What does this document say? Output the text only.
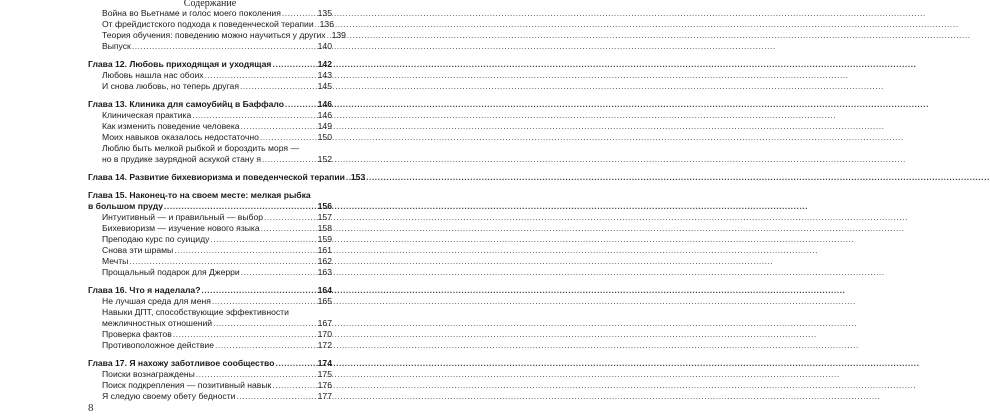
Содержание
Война во Вьетнаме и голос моего поколения .....	135
От фрейдистского подхода к поведенческой терапии ..... 136
Теория обучения: поведению можно научиться у других ..... 139
Выпуск .....	140
Глава 12. Любовь приходящая и уходящая .....	142
Любовь нашла нас обоих .....	143
И снова любовь, но теперь другая .....	145
Глава 13. Клиника для самоубийц в Баффало .....	146
Клиническая практика .....	146
Как изменить поведение человека .....	149
Моих навыков оказалось недостаточно .....	150
Люблю быть мелкой рыбкой и бороздить моря —
но в прудике заурядной аскукой стану я .....	152
Глава 14. Развитие бихевиоризма и поведенческой терапии ..... 153
Глава 15. Наконец-то на своем месте: мелкая рыбка
в большом пруду .....	156
Интуитивный — и правильный — выбор .....	157
Бихевиоризм — изучение нового языка .....	158
Преподаю курс по суициду .....	159
Снова эти шрамы .....	161
Мечты .....	162
Прощальный подарок для Джерри .....	163
Глава 16. Что я наделала? .....	164
Не лучшая среда для меня .....	165
Навыки ДПТ, способствующие эффективности
межличностных отношений .....	167
Проверка фактов .....	170
Противоположное действие .....	172
Глава 17. Я нахожу заботливое сообщество .....	174
Поиски вознаграждены .....	175
Поиск подкрепления — позитивный навык .....	176
Я следую своему обету бедности .....	177
8
